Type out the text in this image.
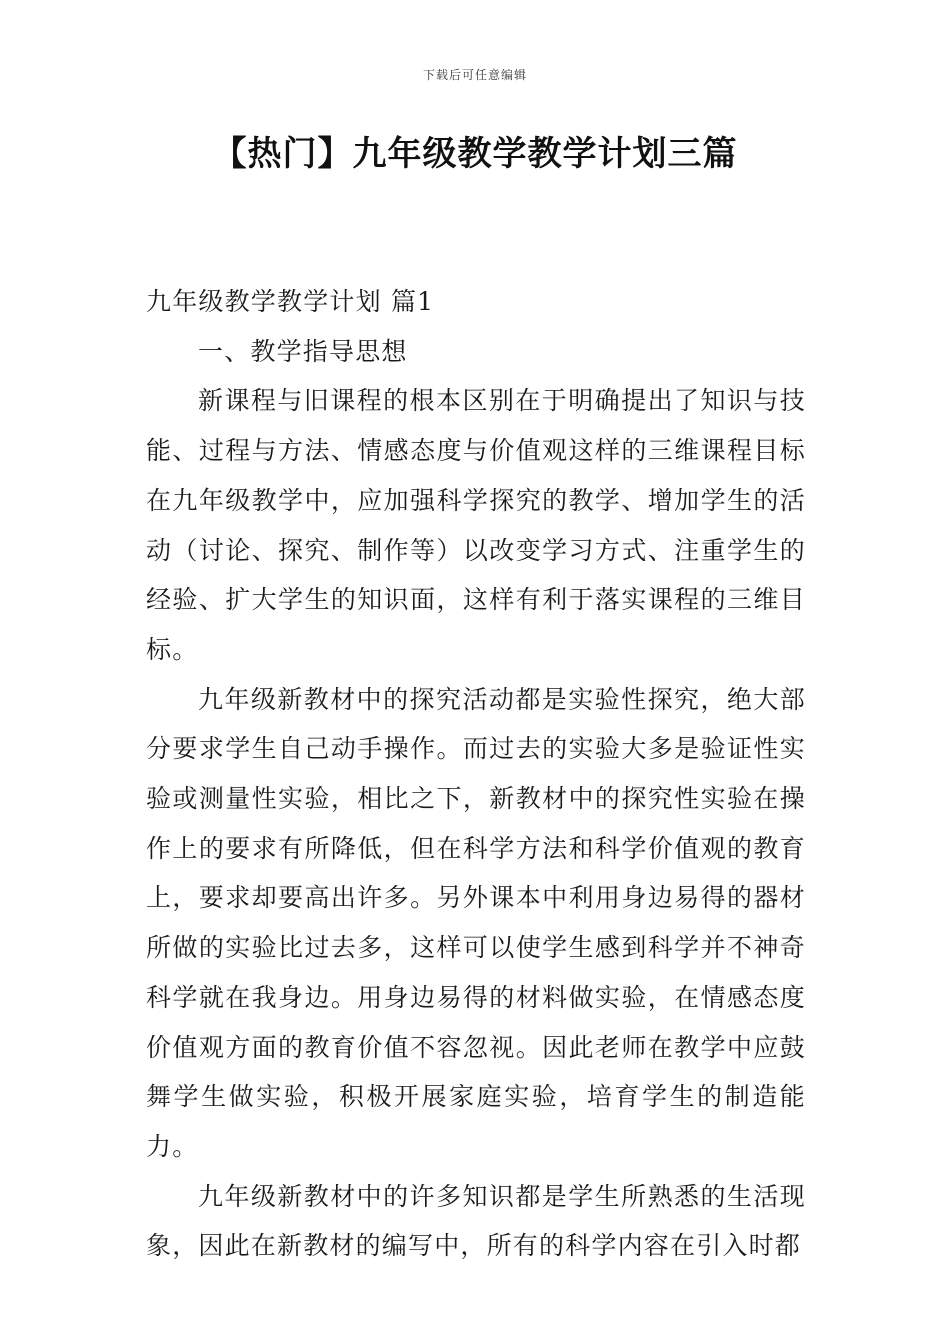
下载后可任意编辑
【热门】九年级教学教学计划三篇

九年级教学教学计划 篇1

一、教学指导思想

新课程与旧课程的根本区别在于明确提出了知识与技能、过程与方法、情感态度与价值观这样的三维课程目标在九年级教学中，应加强科学探究的教学、增加学生的活动（讨论、探究、制作等）以改变学习方式、注重学生的经验、扩大学生的知识面，这样有利于落实课程的三维目标。

九年级新教材中的探究活动都是实验性探究，绝大部分要求学生自己动手操作。而过去的实验大多是验证性实验或测量性实验，相比之下，新教材中的探究性实验在操作上的要求有所降低，但在科学方法和科学价值观的教育上，要求却要高出许多。另外课本中利用身边易得的器材所做的实验比过去多，这样可以使学生感到科学并不神奇科学就在我身边。用身边易得的材料做实验，在情感态度价值观方面的教育价值不容忽视。因此老师在教学中应鼓舞学生做实验，积极开展家庭实验，培育学生的制造能力。

九年级新教材中的许多知识都是学生所熟悉的生活现象，因此在新教材的编写中，所有的科学内容在引入时都
